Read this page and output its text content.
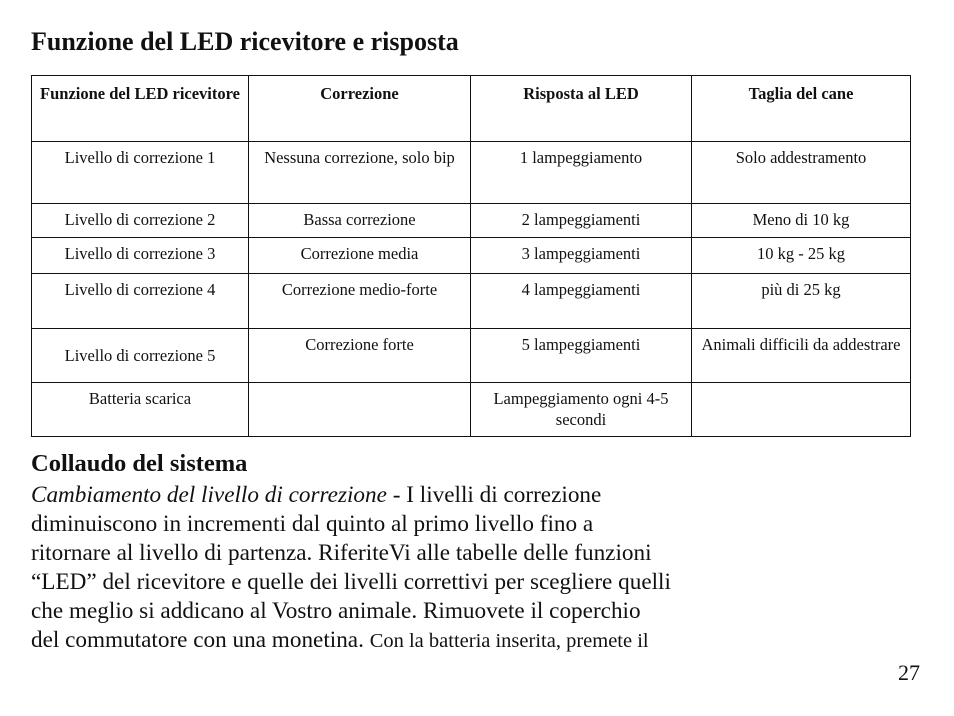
Funzione del LED ricevitore e risposta
Funzione del LED ricevitore	Correzione	Risposta al LED	Taglia del cane
Livello di correzione 1	Nessuna correzione, solo bip	1 lampeggiamento	Solo addestramento
Livello di correzione 2	Bassa correzione	2 lampeggiamenti	Meno di 10 kg
Livello di correzione 3	Correzione media	3 lampeggiamenti	10 kg - 25 kg
Livello di correzione 4	Correzione medio-forte	4 lampeggiamenti	più di 25 kg
Livello di correzione 5	Correzione forte	5 lampeggiamenti	Animali difficili da addestrare
Batteria scarica		Lampeggiamento ogni 4-5 secondi	
Collaudo del sistema
Cambiamento del livello di correzione - I livelli di correzione
diminuiscono in incrementi dal quinto al primo livello fino a
ritornare al livello di partenza. RiferiteVi alle tabelle delle funzioni
“LED” del ricevitore e quelle dei livelli correttivi per scegliere quelli
che meglio si addicano al Vostro animale. Rimuovete il coperchio
del commutatore con una monetina. Con la batteria inserita, premete il
27
